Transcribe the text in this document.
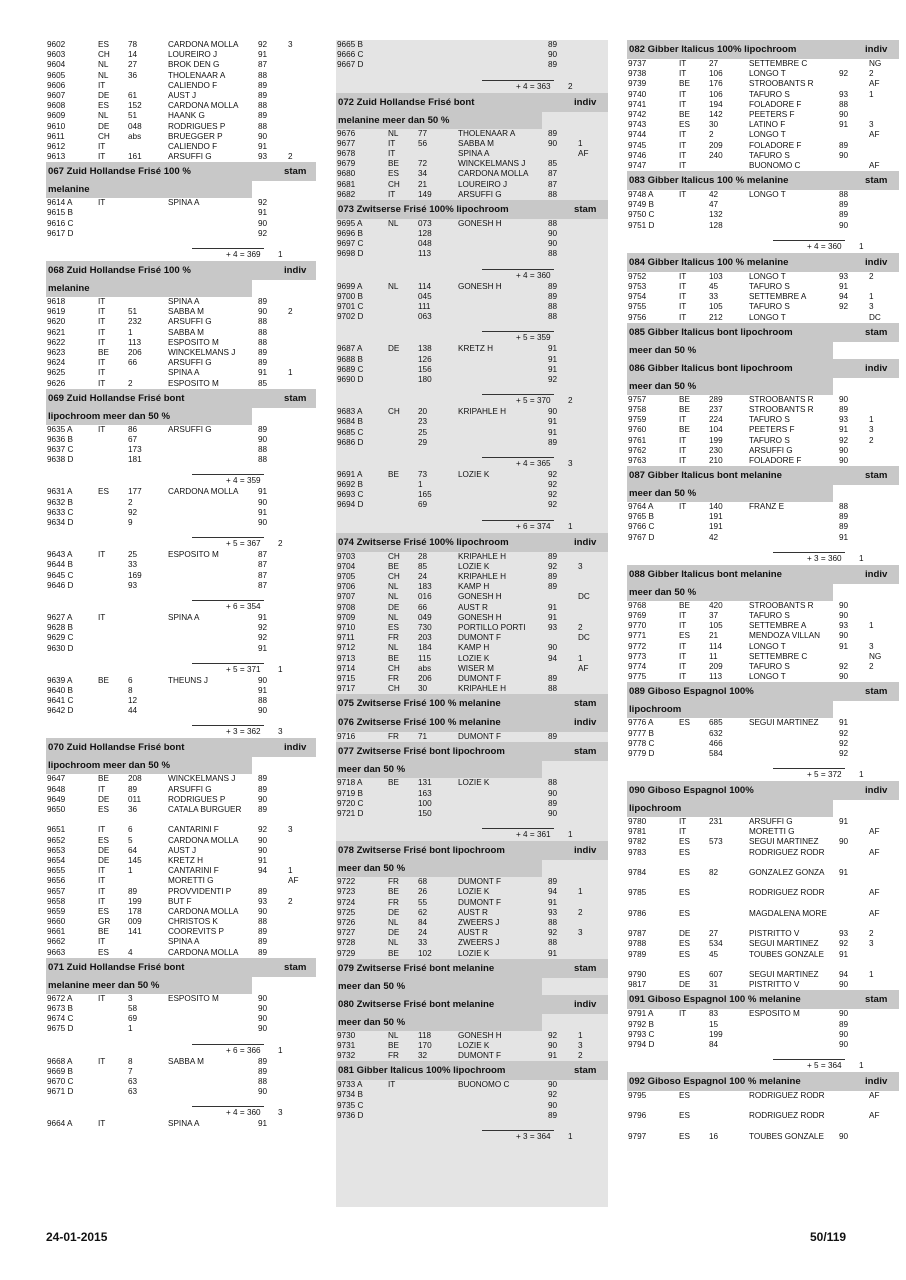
9602	ES 78	CARDONA MOLLA	92	3
9603	CH 14	LOUREIRO J	91
9604	NL 27	BROK DEN G	87
9605	NL 36	THOLENAAR A	88
9606	IT	CALIENDO F	89
9607	DE 61	AUST J	89
9608	ES 152	CARDONA MOLLA	88
9609	NL 51	HAANK G	89
9610	DE 048	RODRIGUES P	88
9611	CH abs	BRUEGGER P	90
9612	IT	CALIENDO F	91
9613	IT	161	ARSUFFI G	93	2
067 Zuid Hollandse Frisé 100 %	stam
melanine
9614 A	IT	SPINA A	92
9615 B	91
9616 C	90
9617 D	92
+ 4 = 369 1
068 Zuid Hollandse Frisé 100 %	indiv
melanine
9618	IT	SPINA A	89
9619	IT	51	SABBA M	90	2
9620	IT	232	ARSUFFI G	88
9621	IT	1	SABBA M	88
9622	IT	113	ESPOSITO M	88
9623	BE 206	WINCKELMANS J	89
9624	IT	66	ARSUFFI G	89
9625	IT	SPINA A	91	1
9626	IT	2	ESPOSITO M	85
069 Zuid Hollandse Frisé bont	stam
lipochroom meer dan 50 %
9635 A	IT	86	ARSUFFI G	89
9636 B	67	90
9637 C	173	88
9638 D	181	88
+ 4 = 359
9631 A	ES 177	CARDONA MOLLA	91
9632 B	2	90
9633 C	92	91
9634 D	9	90
+ 5 = 367 2
9643 A	IT	25	ESPOSITO M	87
9644 B	33	87
9645 C	169	87
9646 D	93	87
+ 6 = 354
9627 A	IT	SPINA A	91
9628 B	92
9629 C	92
9630 D	91
+ 5 = 371 1
9639 A	BE 6	THEUNS J	90
9640 B	8	91
9641 C	12	88
9642 D	44	90
+ 3 = 362 3
070 Zuid Hollandse Frisé bont	indiv
lipochroom meer dan 50 %
9647	BE 208	WINCKELMANS J	89
9648	IT	89	ARSUFFI G	89
9649	DE 011	RODRIGUES P	90
9650	ES 36	CATALA BURGUER	89
9651	IT	6	CANTARINI F	92	3
9652	ES 5	CARDONA MOLLA	90
9653	DE 64	AUST J	90
9654	DE 145	KRETZ H	91
9655	IT	1	CANTARINI F	94	1
9656	IT	MORETTI G	AF
9657	IT	89	PROVVIDENTI P	89
9658	IT	199	BUT F	93	2
9659	ES 178	CARDONA MOLLA	90
9660	GR 009	CHRISTOS K	88
9661	BE 141	COOREVITS P	89
9662	IT	SPINA A	89
9663	ES 4	CARDONA MOLLA	89
071 Zuid Hollandse Frisé bont	stam
melanine meer dan 50 %
9672 A	IT	3	ESPOSITO M	90
9673 B	58	90
9674 C	69	90
9675 D	1	90
+ 6 = 366 1
9668 A	IT	8	SABBA M	89
9669 B	7	89
9670 C	63	88
9671 D	63	90
+ 4 = 360 3
9664 A	IT	SPINA A	91
9665 B	89
9666 C	90
9667 D	89
+ 4 = 363 2
072 Zuid Hollandse Frisé bont	indiv
melanine meer dan 50 %
9676	NL 77	THOLENAAR A	89
9677	IT	56	SABBA M	90	1
9678	IT	SPINA A	AF
9679	BE 72	WINCKELMANS J	85
9680	ES 34	CARDONA MOLLA	87
9681	CH 21	LOUREIRO J	87
9682	IT	149	ARSUFFI G	88
073 Zwitserse Frisé 100% lipochroom	stam
9695 A	NL 073	GONESH H	88
9696 B	128	90
9697 C	048	90
9698 D	113	88
+ 4 = 360
9699 A	NL 114	GONESH H	89
9700 B	045	89
9701 C	111	88
9702 D	063	88
+ 5 = 359
9687 A	DE 138	KRETZ H	91
9688 B	126	91
9689 C	156	91
9690 D	180	92
+ 5 = 370 2
9683 A	CH 20	KRIPAHLE H	90
9684 B	23	91
9685 C	25	91
9686 D	29	89
+ 4 = 365 3
9691 A	BE 73	LOZIE K	92
9692 B	1	92
9693 C	165	92
9694 D	69	92
+ 6 = 374 1
074 Zwitserse Frisé 100% lipochroom	indiv
9703	CH 28	KRIPAHLE H	89
9704	BE 85	LOZIE K	92	3
9705	CH 24	KRIPAHLE H	89
9706	NL 183	KAMP H	89
9707	NL 016	GONESH H	DC
9708	DE 66	AUST R	91
9709	NL 049	GONESH H	91
9710	ES 730	PORTILLO PORTI	93	2
9711	FR 203	DUMONT F	DC
9712	NL 184	KAMP H	90
9713	BE 115	LOZIE K	94	1
9714	CH abs	WISER M	AF
9715	FR 206	DUMONT F	89
9717	CH 30	KRIPAHLE H	88
075 Zwitserse Frisé 100 % melanine	stam
076 Zwitserse Frisé 100 % melanine	indiv
9716	FR 71	DUMONT F	89
077 Zwitserse Frisé bont lipochroom	stam
meer dan 50 %
9718 A	BE 131	LOZIE K	88
9719 B	163	90
9720 C	100	89
9721 D	150	90
+ 4 = 361 1
078 Zwitserse Frisé bont lipochroom	indiv
meer dan 50 %
9722	FR 68	DUMONT F	89
9723	BE 26	LOZIE K	94	1
9724	FR 55	DUMONT F	91
9725	DE 62	AUST R	93	2
9726	NL 84	ZWEERS J	88
9727	DE 24	AUST R	92	3
9728	NL 33	ZWEERS J	88
9729	BE 102	LOZIE K	91
079 Zwitserse Frisé bont melanine	stam
meer dan 50 %
080 Zwitserse Frisé bont melanine	indiv
meer dan 50 %
9730	NL 118	GONESH H	92	1
9731	BE 170	LOZIE K	90	3
9732	FR 32	DUMONT F	91	2
081 Gibber Italicus 100% lipochroom	stam
9733 A	IT	BUONOMO C	90
9734 B	92
9735 C	90
9736 D	89
+ 3 = 364 1
082 Gibber Italicus 100% lipochroom	indiv
9737	IT	27	SETTEMBRE C	NG
9738	IT	106	LONGO T	92	2
9739	BE 176	STROOBANTS R	AF
9740	IT	106	TAFURO S	93	1
9741	IT	194	FOLADORE F	88
9742	BE 142	PEETERS F	90
9743	ES 30	LATINO F	91	3
9744	IT	2	LONGO T	AF
9745	IT	209	FOLADORE F	89
9746	IT	240	TAFURO S	90
9747	IT	BUONOMO C	AF
083 Gibber Italicus 100 % melanine	stam
9748 A	IT	42	LONGO T	88
9749 B	47	89
9750 C	132	89
9751 D	128	90
+ 4 = 360 1
084 Gibber Italicus 100 % melanine	indiv
9752	IT	103	LONGO T	93	2
9753	IT	45	TAFURO S	91
9754	IT	33	SETTEMBRE A	94	1
9755	IT	105	TAFURO S	92	3
9756	IT	212	LONGO T	DC
085 Gibber Italicus bont lipochroom	stam
meer dan 50 %
086 Gibber Italicus bont lipochroom	indiv
meer dan 50 %
9757	BE 289	STROOBANTS R	90
9758	BE 237	STROOBANTS R	89
9759	IT	224	TAFURO S	93	1
9760	BE 104	PEETERS F	91	3
9761	IT	199	TAFURO S	92	2
9762	IT	230	ARSUFFI G	90
9763	IT	210	FOLADORE F	90
087 Gibber Italicus bont melanine	stam
meer dan 50 %
9764 A	IT	140	FRANZ E	88
9765 B	191	89
9766 C	191	89
9767 D	42	91
+ 3 = 360 1
088 Gibber Italicus bont melanine	indiv
meer dan 50 %
9768	BE 420	STROOBANTS R	90
9769	IT	37	TAFURO S	90
9770	IT	105	SETTEMBRE A	93	1
9771	ES 21	MENDOZA VILLAN	90
9772	IT	114	LONGO T	91	3
9773	IT	11	SETTEMBRE C	NG
9774	IT	209	TAFURO S	92	2
9775	IT	113	LONGO T	90
089 Giboso Espagnol 100%	stam
lipochroom
9776 A	ES 685	SEGUI MARTINEZ	91
9777 B	632	92
9778 C	466	92
9779 D	584	92
+ 5 = 372 1
090 Giboso Espagnol 100%	indiv
lipochroom
9780	IT	231	ARSUFFI G	91
9781	IT	MORETTI G	AF
9782	ES 573	SEGUI MARTINEZ	90
9783	ES	RODRIGUEZ RODR	AF
9784	ES 82	GONZALEZ GONZA	91
9785	ES	RODRIGUEZ RODR	AF
9786	ES	MAGDALENA MORE	AF
9787	DE 27	PISTRITTO V	93	2
9788	ES 534	SEGUI MARTINEZ	92	3
9789	ES 45	TOUBES GONZALE	91
9790	ES 607	SEGUI MARTINEZ	94	1
9817	DE 31	PISTRITTO V	90
091 Giboso Espagnol 100 % melanine	stam
9791 A	IT	83	ESPOSITO M	90
9792 B	15	89
9793 C	199	90
9794 D	84	90
+ 5 = 364 1
092 Giboso Espagnol 100 % melanine	indiv
9795	ES	RODRIGUEZ RODR	AF
9796	ES	RODRIGUEZ RODR	AF
9797	ES 16	TOUBES GONZALE	90
24-01-2015	50/119
